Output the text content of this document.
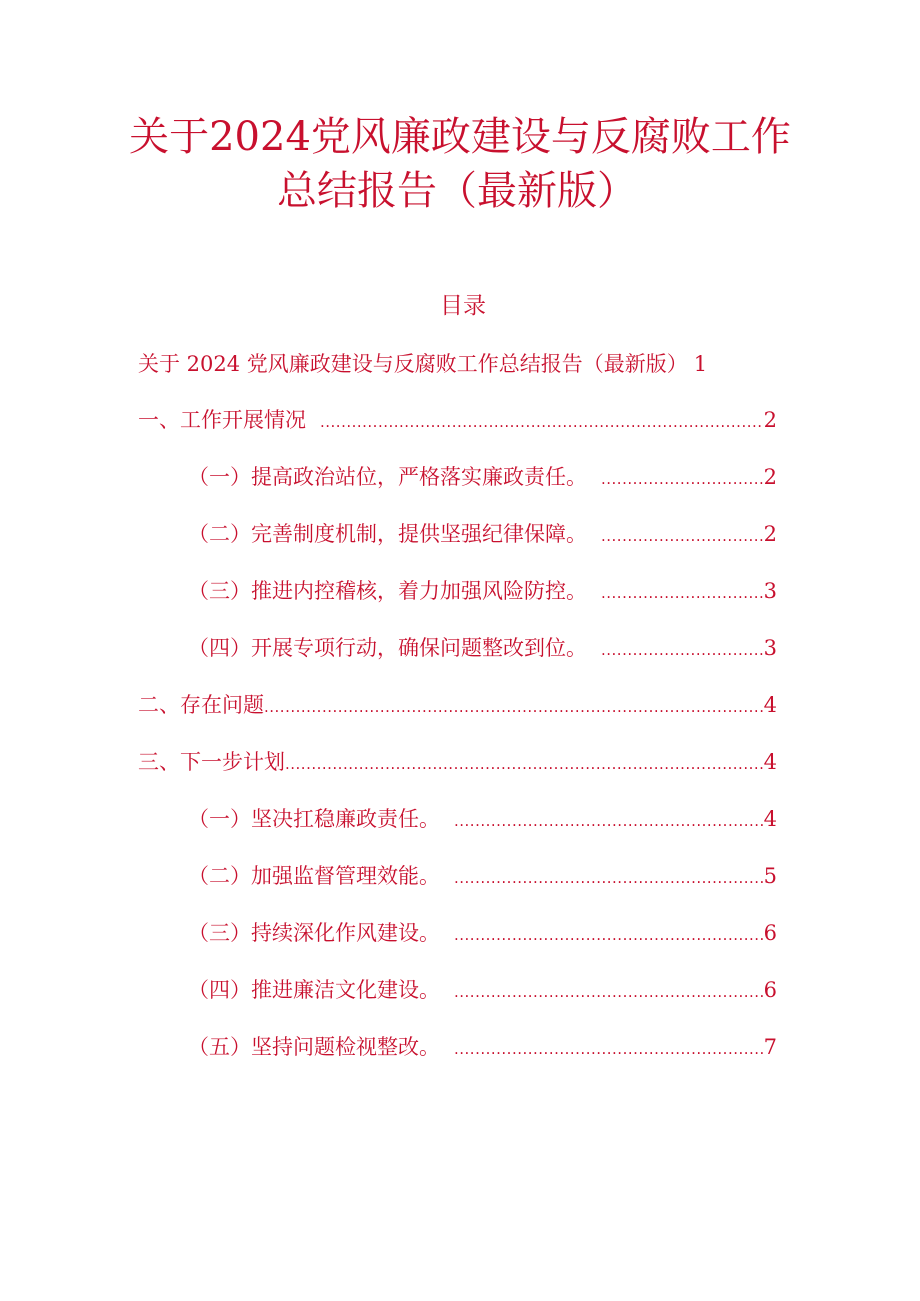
关于2024党风廉政建设与反腐败工作
总结报告（最新版）
目录
关于 2024 党风廉政建设与反腐败工作总结报告（最新版） 1
一、工作开展情况 .....	2
（一）提高政治站位，严格落实廉政责任。 .....	2
（二）完善制度机制，提供坚强纪律保障。 .....	2
（三）推进内控稽核，着力加强风险防控。 .....	3
（四）开展专项行动，确保问题整改到位。 .....	3
二、存在问题 .....	4
三、下一步计划 .....	4
（一）坚决扛稳廉政责任。 .....	4
（二）加强监督管理效能。 .....	5
（三）持续深化作风建设。 .....	6
（四）推进廉洁文化建设。 .....	6
（五）坚持问题检视整改。 .....	7
